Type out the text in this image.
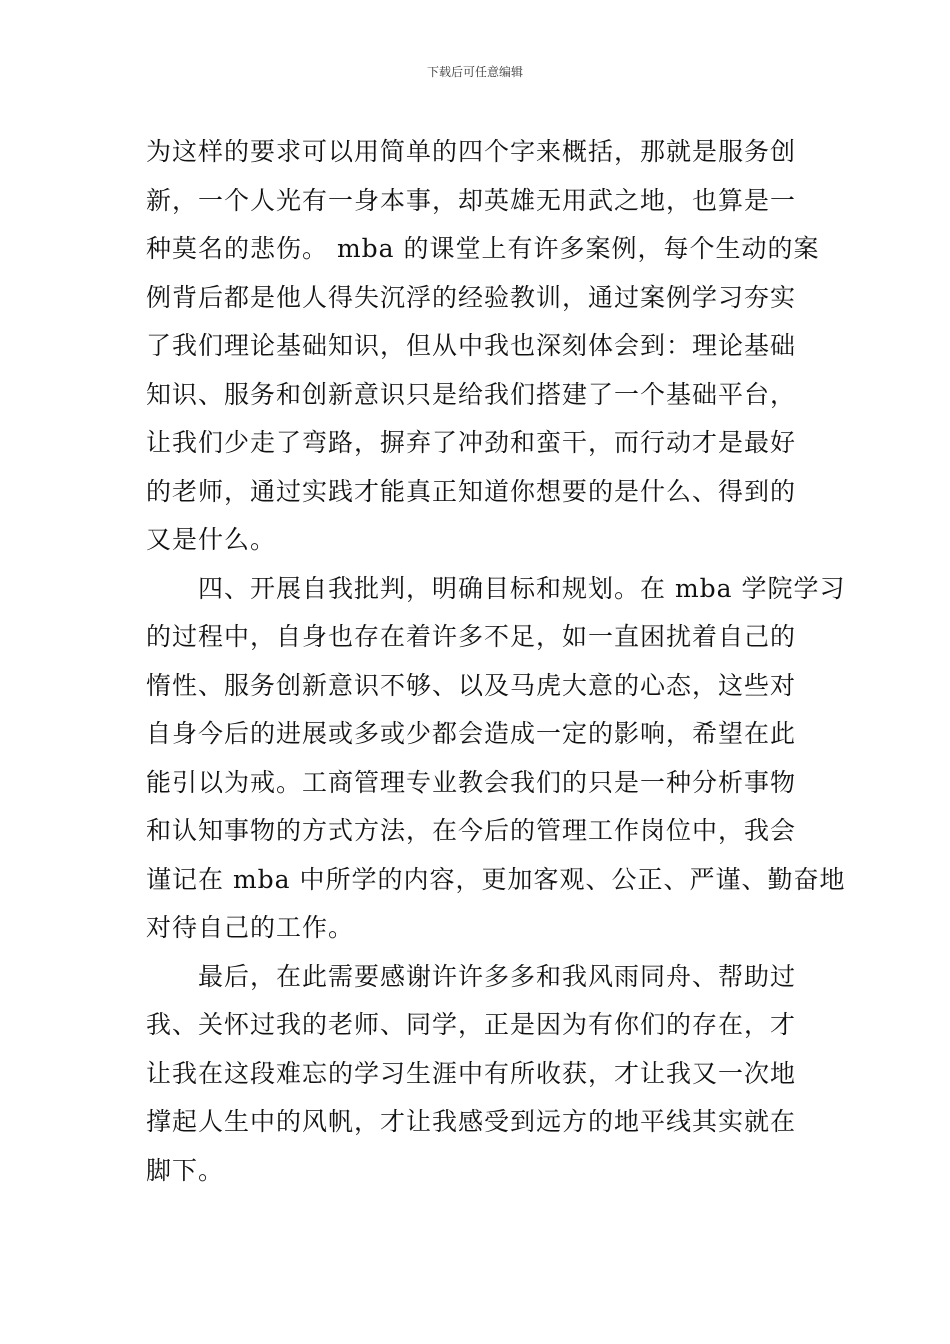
下载后可任意编辑
为这样的要求可以用简单的四个字来概括，那就是服务创
新，一个人光有一身本事，却英雄无用武之地，也算是一
种莫名的悲伤。 mba 的课堂上有许多案例，每个生动的案
例背后都是他人得失沉浮的经验教训，通过案例学习夯实
了我们理论基础知识，但从中我也深刻体会到：理论基础
知识、服务和创新意识只是给我们搭建了一个基础平台，
让我们少走了弯路，摒弃了冲劲和蛮干，而行动才是最好
的老师，通过实践才能真正知道你想要的是什么、得到的
又是什么。
四、开展自我批判，明确目标和规划。在 mba 学院学习
的过程中，自身也存在着许多不足，如一直困扰着自己的
惰性、服务创新意识不够、以及马虎大意的心态，这些对
自身今后的进展或多或少都会造成一定的影响，希望在此
能引以为戒。工商管理专业教会我们的只是一种分析事物
和认知事物的方式方法，在今后的管理工作岗位中，我会
谨记在 mba 中所学的内容，更加客观、公正、严谨、勤奋地
对待自己的工作。
最后，在此需要感谢许许多多和我风雨同舟、帮助过
我、关怀过我的老师、同学，正是因为有你们的存在，才
让我在这段难忘的学习生涯中有所收获，才让我又一次地
撑起人生中的风帆，才让我感受到远方的地平线其实就在
脚下。
